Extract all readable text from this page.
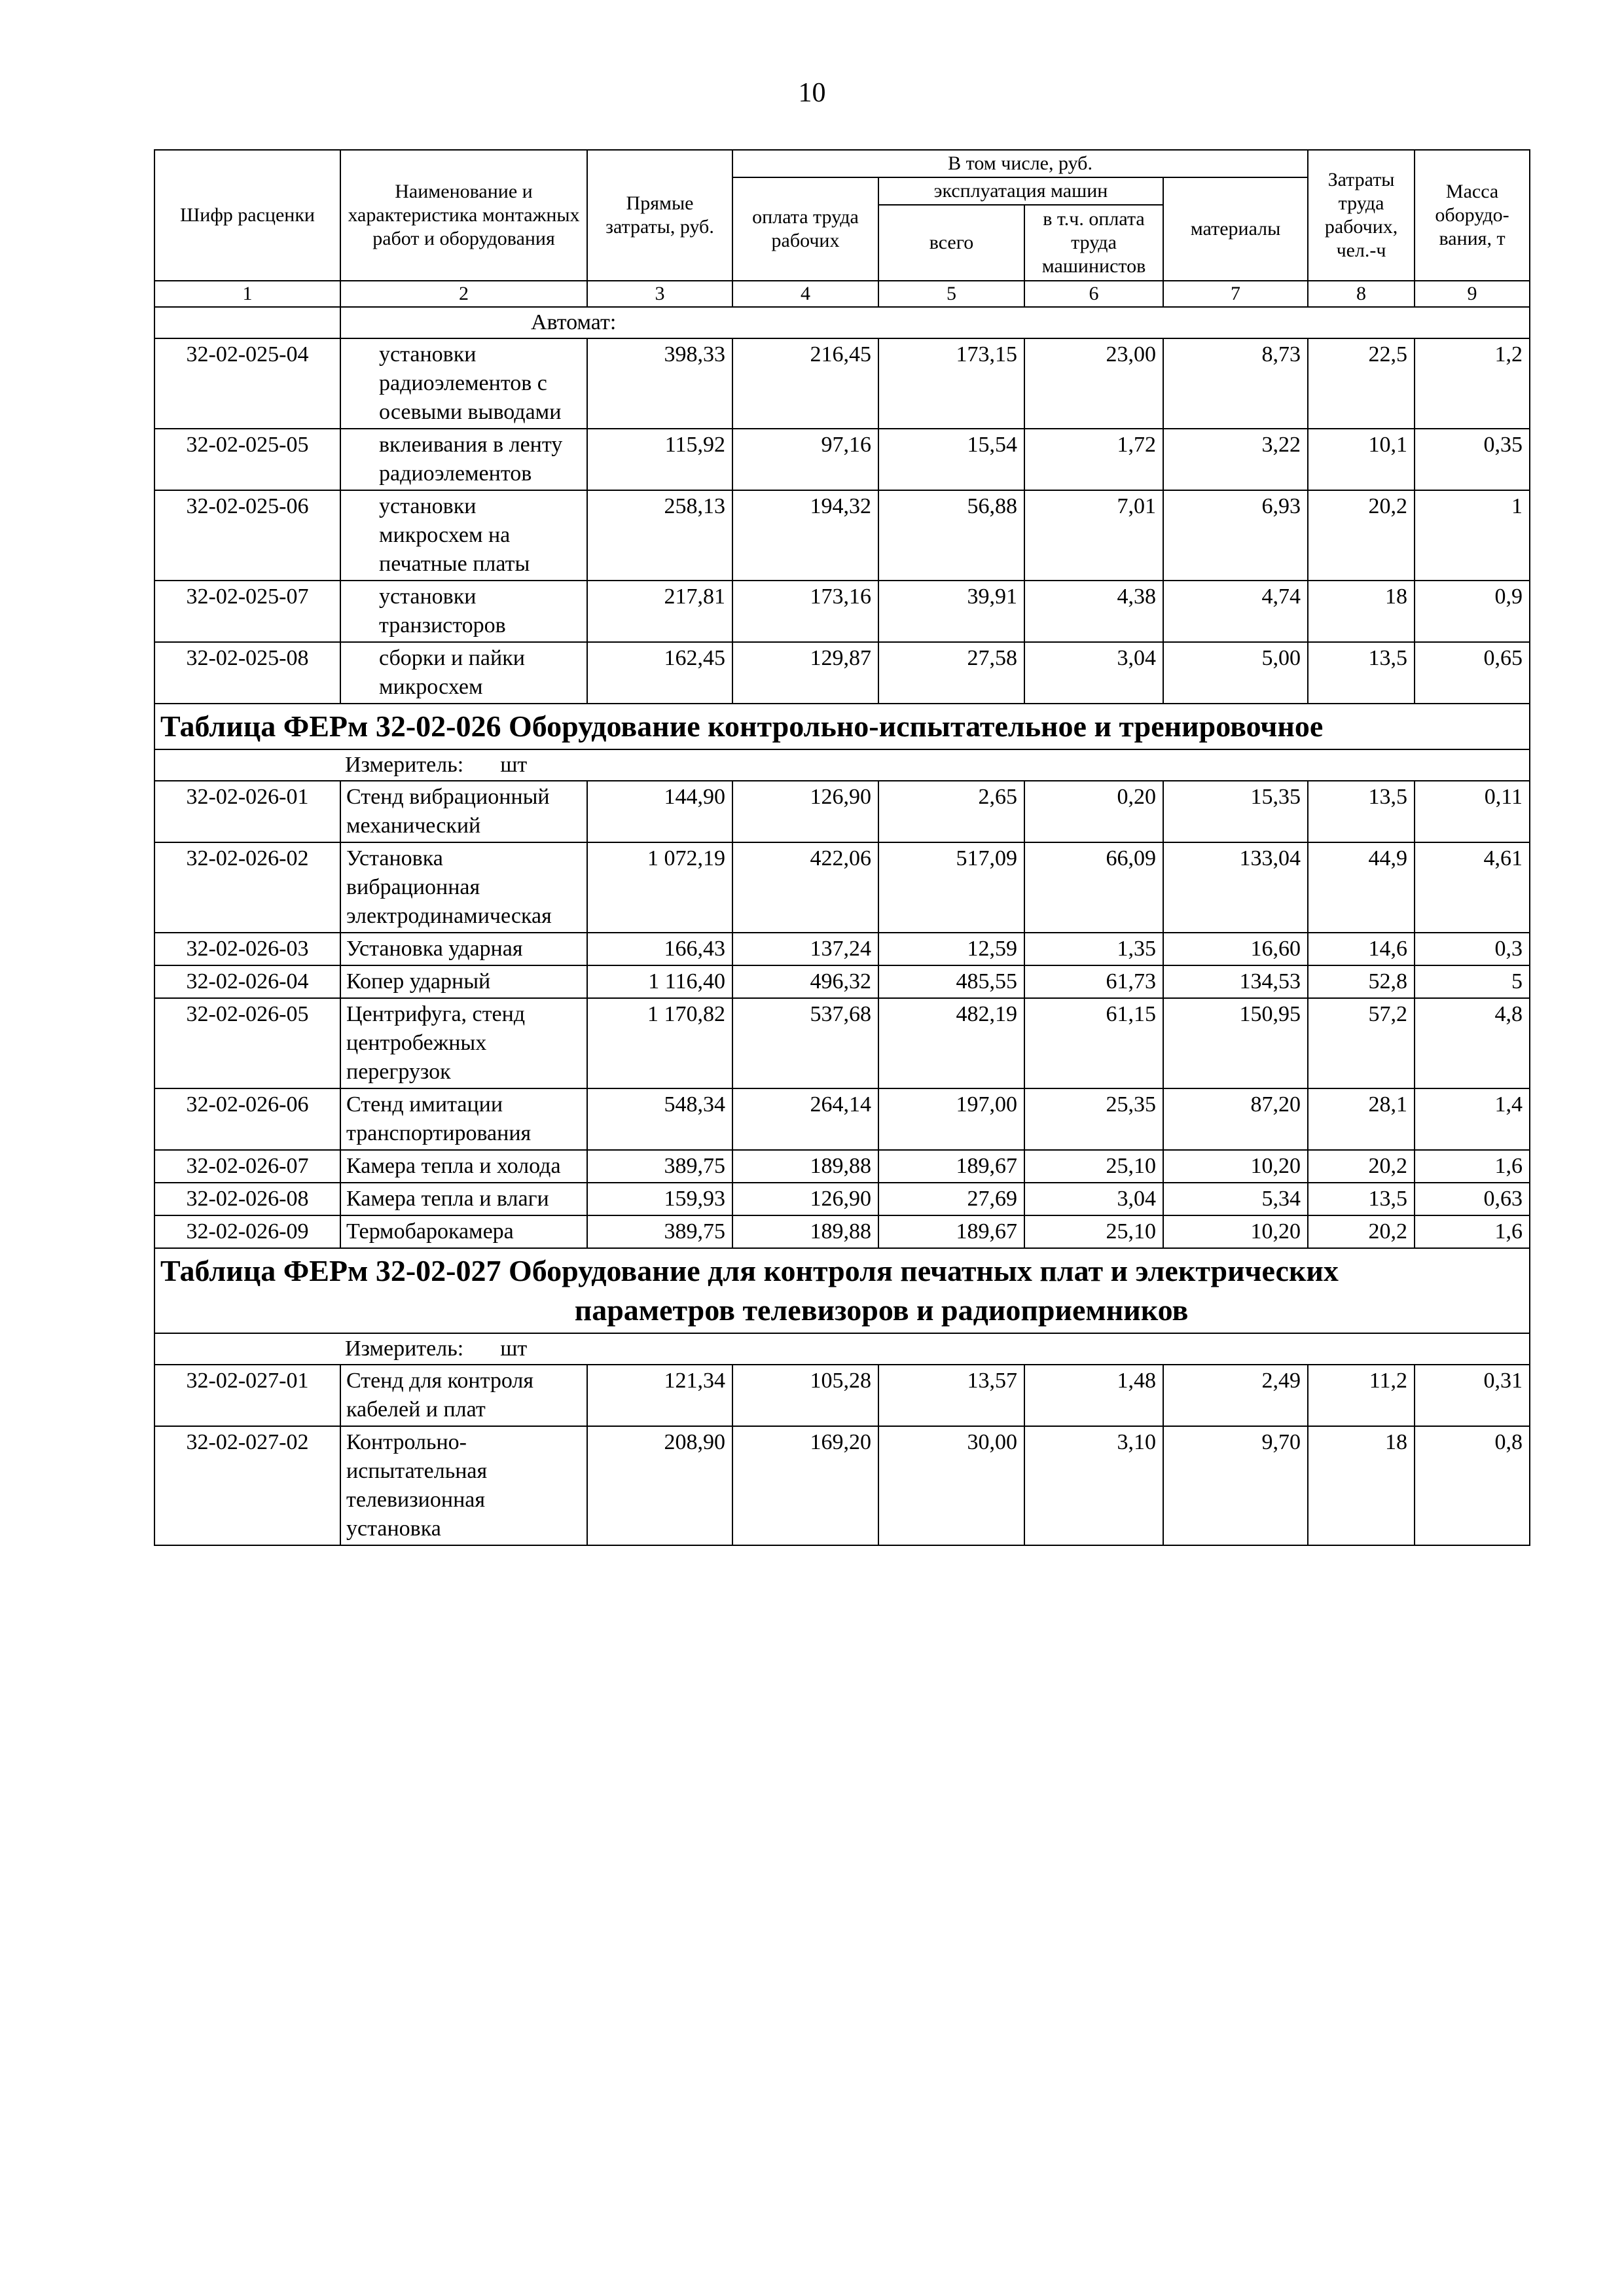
10
Шифр расценки	Наименование и характеристика монтажных работ и оборудования	Прямые затраты, руб.	В том числе, руб.				Затраты труда рабочих, чел.-ч	Масса оборудо-вания, т
			оплата труда рабочих	эксплуатация машин		материалы		
				всего	в т.ч. оплата труда машинистов			
1	2	3	4	5	6	7	8	9
	Автомат:							
32-02-025-04	установки радиоэлементов с осевыми выводами	398,33	216,45	173,15	23,00	8,73	22,5	1,2
32-02-025-05	вклеивания в ленту радиоэлементов	115,92	97,16	15,54	1,72	3,22	10,1	0,35
32-02-025-06	установки микросхем на печатные платы	258,13	194,32	56,88	7,01	6,93	20,2	1
32-02-025-07	установки транзисторов	217,81	173,16	39,91	4,38	4,74	18	0,9
32-02-025-08	сборки и пайки микросхем	162,45	129,87	27,58	3,04	5,00	13,5	0,65
Таблица ФЕРм 32-02-026 Оборудование контрольно-испытательное и тренировочное								
Измеритель: шт								
32-02-026-01	Стенд вибрационный механический	144,90	126,90	2,65	0,20	15,35	13,5	0,11
32-02-026-02	Установка вибрационная электродинамическая	1 072,19	422,06	517,09	66,09	133,04	44,9	4,61
32-02-026-03	Установка ударная	166,43	137,24	12,59	1,35	16,60	14,6	0,3
32-02-026-04	Копер ударный	1 116,40	496,32	485,55	61,73	134,53	52,8	5
32-02-026-05	Центрифуга, стенд центробежных перегрузок	1 170,82	537,68	482,19	61,15	150,95	57,2	4,8
32-02-026-06	Стенд имитации транспортирования	548,34	264,14	197,00	25,35	87,20	28,1	1,4
32-02-026-07	Камера тепла и холода	389,75	189,88	189,67	25,10	10,20	20,2	1,6
32-02-026-08	Камера тепла и влаги	159,93	126,90	27,69	3,04	5,34	13,5	0,63
32-02-026-09	Термобарокамера	389,75	189,88	189,67	25,10	10,20	20,2	1,6

Таблица ФЕРм 32-02-027 Оборудование для контроля печатных плат и электрических
параметров телевизоров и радиоприемников								

Измеритель: шт								
32-02-027-01	Стенд для контроля кабелей и плат	121,34	105,28	13,57	1,48	2,49	11,2	0,31
32-02-027-02	Контрольно-испытательная телевизионная установка	208,90	169,20	30,00	3,10	9,70	18	0,8
